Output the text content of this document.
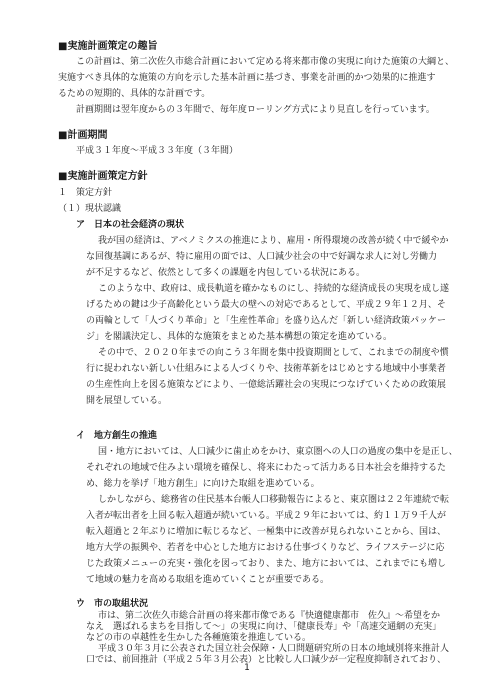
■実施計画策定の趣旨
この計画は、第二次佐久市総合計画において定める将来都市像の実現に向けた施策の大綱と、
実施すべき具体的な施策の方向を示した基本計画に基づき、事業を計画的かつ効果的に推進す
るための短期的、具体的な計画です。
計画期間は翌年度からの３年間で、毎年度ローリング方式により見直しを行っています。
■計画期間
平成３１年度～平成３３年度（３年間）
■実施計画策定方針
１　策定方針
（１）現状認識
ア　日本の社会経済の現状
我が国の経済は、アベノミクスの推進により、雇用・所得環境の改善が続く中で緩やか
な回復基調にあるが、特に雇用の面では、人口減少社会の中で好調な求人に対し労働力
が不足するなど、依然として多くの課題を内包している状況にある。
このような中、政府は、成長軌道を確かなものにし、持続的な経済成長の実現を成し遂
げるための鍵は少子高齢化という最大の壁への対応であるとして、平成２９年１２月、そ
の両輪として「人づくり革命」と「生産性革命」を盛り込んだ「新しい経済政策パッケー
ジ」を閣議決定し、具体的な施策をまとめた基本構想の策定を進めている。
その中で、２０２０年までの向こう３年間を集中投資期間として、これまでの制度や慣
行に捉われない新しい仕組みによる人づくりや、技術革新をはじめとする地域中小事業者
の生産性向上を図る施策などにより、一億総活躍社会の実現につなげていくための政策展
開を展望している。
イ　地方創生の推進
国・地方においては、人口減少に歯止めをかけ、東京圏への人口の過度の集中を是正し、
それぞれの地域で住みよい環境を確保し、将来にわたって活力ある日本社会を維持するた
め、総力を挙げ「地方創生」に向けた取組を進めている。
しかしながら、総務省の住民基本台帳人口移動報告によると、東京圏は２２年連続で転
入者が転出者を上回る転入超過が続いている。平成２９年においては、約１１万９千人が
転入超過と２年ぶりに増加に転じるなど、一極集中に改善が見られないことから、国は、
地方大学の振興や、若者を中心とした地方における仕事づくりなど、ライフステージに応
じた政策メニューの充実・強化を図っており、また、地方においては、これまでにも増し
て地域の魅力を高める取組を進めていくことが重要である。
ウ　市の取組状況
1
市は、第二次佐久市総合計画の将来都市像である『快適健康都市　佐久』～希望をか
なえ　選ばれるまちを目指して～」の実現に向け、「健康長寿」や「高速交通網の充実」
などの市の卓越性を生かした各種施策を推進している。
平成３０年３月に公表された国立社会保障・人口問題研究所の日本の地域別将来推計人
口では、前回推計（平成２５年３月公表）と比較し人口減少が一定程度抑制されており、
